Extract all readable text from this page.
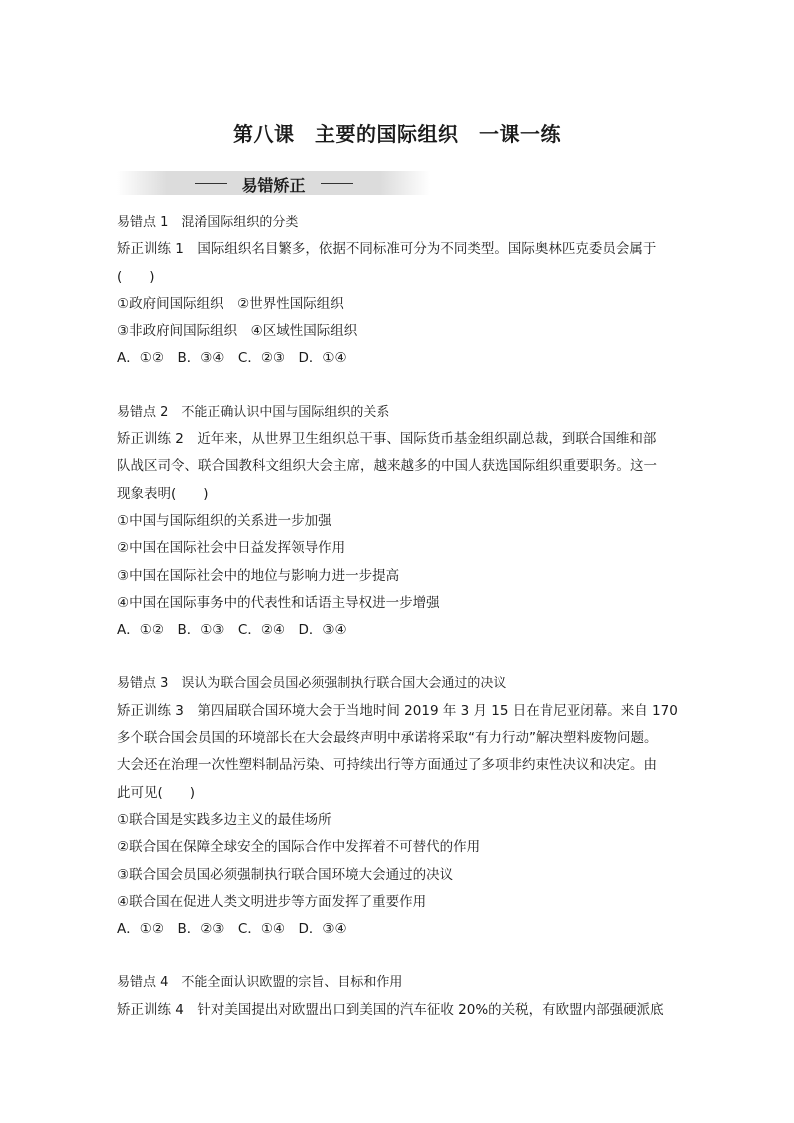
第八课　主要的国际组织　一课一练
易错矫正
易错点 1　混淆国际组织的分类
矫正训练 1　国际组织名目繁多，依据不同标准可分为不同类型。国际奥林匹克委员会属于
(　　)
①政府间国际组织　②世界性国际组织
③非政府间国际组织　④区域性国际组织
A．①②　B．③④　C．②③　D．①④
易错点 2　不能正确认识中国与国际组织的关系
矫正训练 2　近年来，从世界卫生组织总干事、国际货币基金组织副总裁，到联合国维和部
队战区司令、联合国教科文组织大会主席，越来越多的中国人获选国际组织重要职务。这一
现象表明(　　)
①中国与国际组织的关系进一步加强
②中国在国际社会中日益发挥领导作用
③中国在国际社会中的地位与影响力进一步提高
④中国在国际事务中的代表性和话语主导权进一步增强
A．①②　B．①③　C．②④　D．③④
易错点 3　误认为联合国会员国必须强制执行联合国大会通过的决议
矫正训练 3　第四届联合国环境大会于当地时间 2019 年 3 月 15 日在肯尼亚闭幕。来自 170
多个联合国会员国的环境部长在大会最终声明中承诺将采取“有力行动”解决塑料废物问题。
大会还在治理一次性塑料制品污染、可持续出行等方面通过了多项非约束性决议和决定。由
此可见(　　)
①联合国是实践多边主义的最佳场所
②联合国在保障全球安全的国际合作中发挥着不可替代的作用
③联合国会员国必须强制执行联合国环境大会通过的决议
④联合国在促进人类文明进步等方面发挥了重要作用
A．①②　B．②③　C．①④　D．③④
易错点 4　不能全面认识欧盟的宗旨、目标和作用
矫正训练 4　针对美国提出对欧盟出口到美国的汽车征收 20%的关税，有欧盟内部强硬派底
